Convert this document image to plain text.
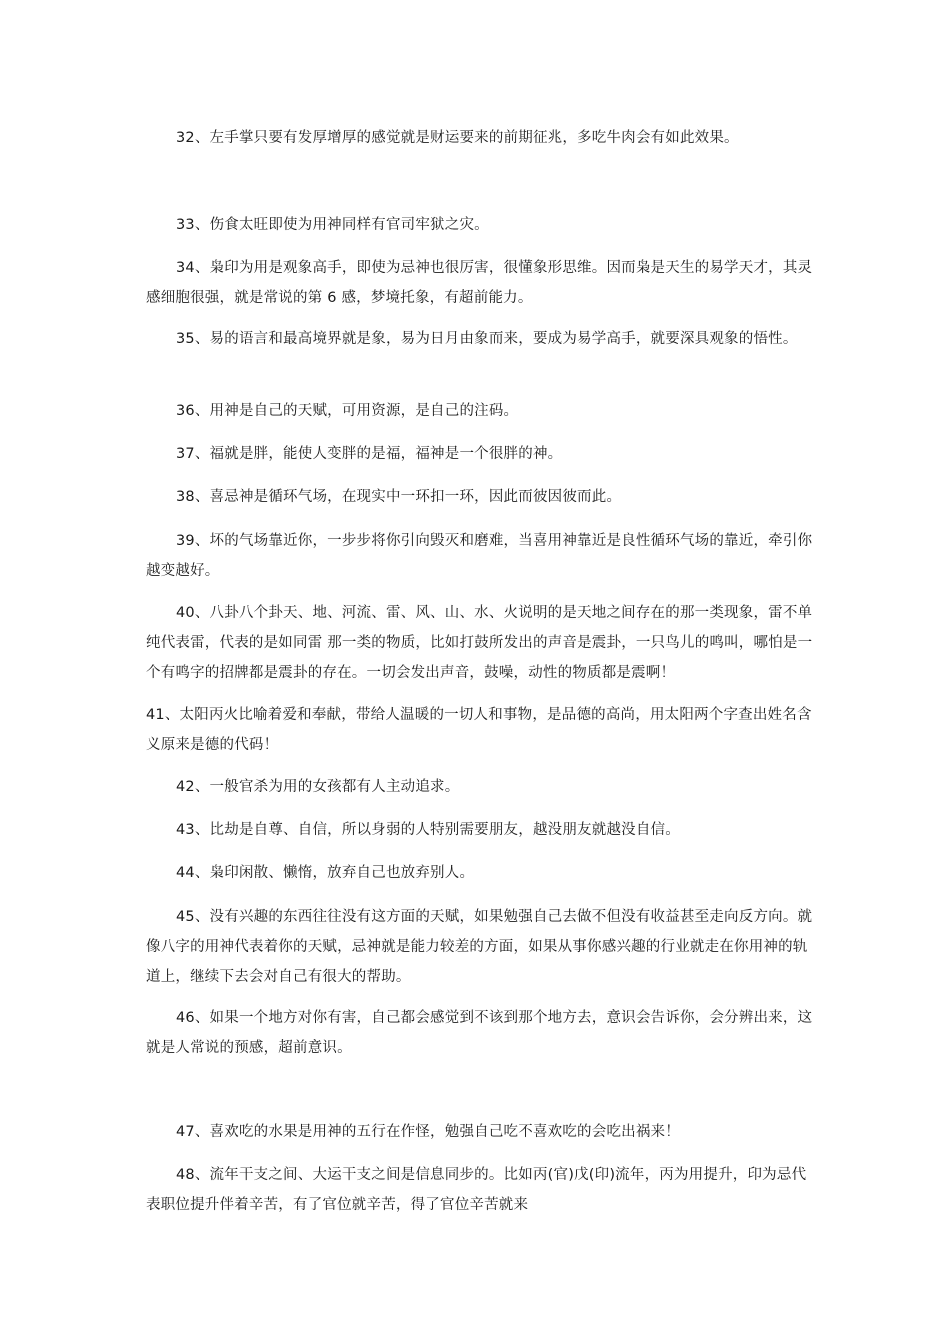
32、左手掌只要有发厚增厚的感觉就是财运要来的前期征兆，多吃牛肉会有如此效果。

33、伤食太旺即使为用神同样有官司牢狱之灾。

34、枭印为用是观象高手，即使为忌神也很厉害，很懂象形思维。因而枭是天生的易学天才，其灵感细胞很强，就是常说的第 6 感，梦境托象，有超前能力。

35、易的语言和最高境界就是象，易为日月由象而来，要成为易学高手，就要深具观象的悟性。

36、用神是自己的天赋，可用资源，是自己的注码。

37、福就是胖，能使人变胖的是福，福神是一个很胖的神。

38、喜忌神是循环气场，在现实中一环扣一环，因此而彼因彼而此。

39、坏的气场靠近你，一步步将你引向毁灭和磨难，当喜用神靠近是良性循环气场的靠近，牵引你越变越好。

40、八卦八个卦天、地、河流、雷、风、山、水、火说明的是天地之间存在的那一类现象，雷不单纯代表雷，代表的是如同雷 那一类的物质，比如打鼓所发出的声音是震卦，一只鸟儿的鸣叫，哪怕是一个有鸣字的招牌都是震卦的存在。一切会发出声音，鼓噪，动性的物质都是震啊！

41、太阳丙火比喻着爱和奉献，带给人温暖的一切人和事物，是品德的高尚，用太阳两个字查出姓名含义原来是德的代码！

42、一般官杀为用的女孩都有人主动追求。

43、比劫是自尊、自信，所以身弱的人特别需要朋友，越没朋友就越没自信。

44、枭印闲散、懒惰，放弃自己也放弃别人。

45、没有兴趣的东西往往没有这方面的天赋，如果勉强自己去做不但没有收益甚至走向反方向。就像八字的用神代表着你的天赋，忌神就是能力较差的方面，如果从事你感兴趣的行业就走在你用神的轨道上，继续下去会对自己有很大的帮助。

46、如果一个地方对你有害，自己都会感觉到不该到那个地方去，意识会告诉你，会分辨出来，这就是人常说的预感，超前意识。

47、喜欢吃的水果是用神的五行在作怪，勉强自己吃不喜欢吃的会吃出祸来！

48、流年干支之间、大运干支之间是信息同步的。比如丙(官)戊(印)流年，丙为用提升，印为忌代表职位提升伴着辛苦，有了官位就辛苦，得了官位辛苦就来
